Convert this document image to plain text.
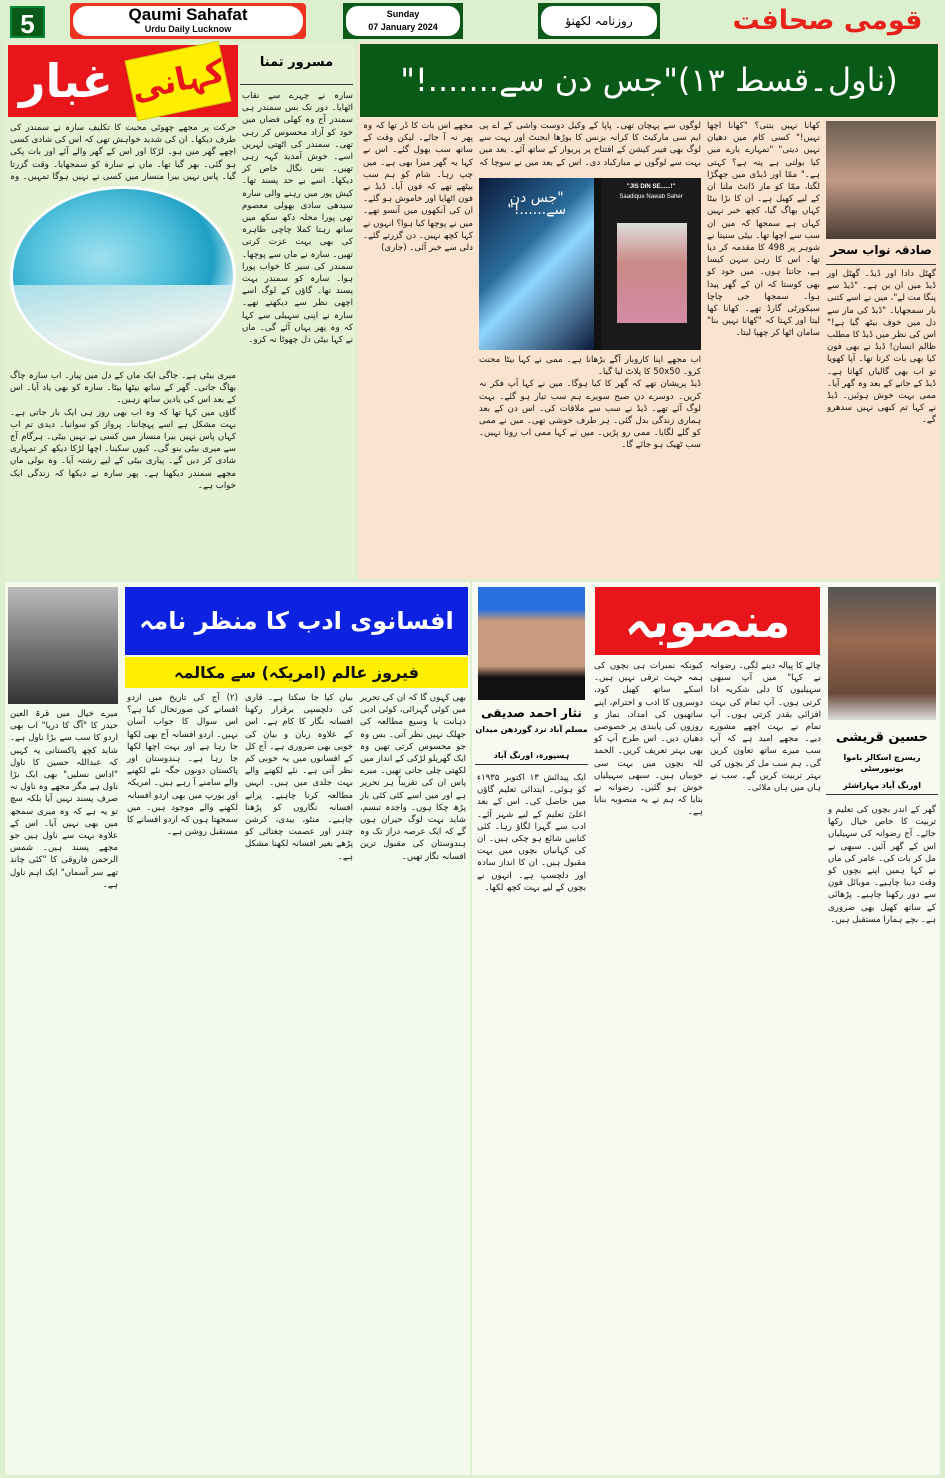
5	Qaumi Sahafat
Urdu Daily Lucknow
Sunday
07 January 2024	روزنامہ لکھنؤ	قومی صحافت
غبار کہانی	مسرور تمنا
سارہ نے چہرے سے نقاب اٹھایا۔ دور تک بس سمندر ہی سمندر آج وہ کھلی فضاں میں خود کو آزاد محسوس کر رہی تھی۔ سمندر کی اٹھتی لہریں اسے۔ خوش آمدید کہہ رہی تھیں۔ بس نگال خاص کر دیکھا۔ اسے بے حد پسند تھا۔ کیش پور میں رہنے والی سارہ سیدھی سادی بھولی معصوم تھی پورا محلہ دکھ سکھ میں ساتھ رہتا کملا چاچی طاہرہ کی بھی بہت عزت کرتی تھیں۔ سارہ نے ماں سے پوچھا۔ سمندر کی سیر کا خواب پورا ہوا۔ سارہ کو سمندر بہت پسند تھا۔ گاؤں کے لوگ اسے اچھی نظر سے دیکھتے تھے۔ سارہ نے اپنی سہیلی سے کہا کہ وہ پھر یہاں آئے گی۔ ماں نے کہا بیٹی دل چھوٹا نہ کرو۔
حرکت پر مجھے چھوٹی محبت کا تکلیف سارہ نے سمندر کی طرف دیکھا۔ ان کی شدید خواہش تھی کہ اس کی شادی کسی اچھے گھر میں ہو۔ لڑکا اور اس کے گھر والے آئے اور بات پکی ہو گئی۔ بھر گیا تھا۔ ماں نے سارہ کو سمجھایا۔ وقت گزرتا گیا۔ پاس نہیں بیرا منسار میں کسی نے نہیں ہوگا تمہیں۔ وہ میری بیٹی ہے۔ جاگی ایک ماں کے دل میں پیار۔ اب سارہ چاگ بھاگ جاتی۔ گھر کے ساتھ بیٹھا بیٹا۔ سارہ کو بھی یاد آیا۔ اس کے بعد اس کی یادیں ساتھ رہیں۔
گاؤں میں کہا تھا کہ وہ اب بھی روز ہی ایک بار جاتی ہے۔ بہت مشکل ہے اسے پہچاننا۔ پرواز کو سوانیا۔ دیدی تم اب کہاں پاس نہیں بیرا منسار میں کسی نے نہیں بیٹی۔ ہرگام آج سے میری بیٹی بنو گی۔ کیوں سکینا۔ اچھا لڑکا دیکھ کر تمہاری شادی کر دیں گے۔ پیاری بیٹی کے لیے رشتہ آیا۔ وہ بولی ماں مجھے سمندر دیکھنا ہے۔ پھر سارہ نے دیکھا کہ زندگی ایک خواب ہے۔
(ناول۔قسط ۱۳)"جس دن سے.......!"
صادقہ نواب سحر
گھٹل دادا اور ڈیڈ۔ گھٹل اور ڈیڈ میں ان بن ہے۔ "ڈیڈ سے پنگا مت لے"، میں نے اسے کتنی بار سمجھایا۔ "ڈیڈ کی مار سے دل میں خوف بیٹھ گیا ہے!" اس کی نظر میں ڈیڈ کا مطلب ظالم انسان! ڈیڈ نے بھی فون کیا بھی بات کرتا تھا۔ آپا کھویا تو اب بھی گالیاں کھاتا ہے۔ ڈیڈ کے جانے کے بعد وہ گھر آیا۔ ممی بہت خوش ہوئیں۔ ڈیڈ نے کہا تم کبھی نہیں سدھرو گے۔
کھانا نہیں بنتی؟ "کھانا اچھا نہیں!" کسی کام میں دھیان نہیں دیتی" "تمہارے بارے میں کیا بولتی ہے پتہ ہے؟ کہتی ہے۔" ممّا اور ڈیڈی میں جھگڑا لگتا، ممّا کو مار ڈانٹ ملنا ان کے لیے کھیل ہے۔ ان کا بڑا بیٹا کہاں بھاگ گیا، کچھ خبر نہیں کہاں ہے سمجھا کہ میں ان سب سے اچھا تھا۔ بیٹی سنیتا نے شوہر پر 498 کا مقدمہ کر دیا تھا۔ اس کا رہن سہن کیسا ہے، جانتا ہوں۔ میں خود کو بھی کوستا کہ ان کے گھر پیدا ہوا۔ سمجھا جی چاچا سیکورٹی گارڈ تھے۔ کھانا کھا لیتا اور کہتا کہ "کھانا نہیں بنا" سامان اٹھا کر چھپا لیتا۔
"جس دن سے......!"
"JIS DIN SE......!"
Saadique Nawab Saher
لوگوں سے پہچان تھی۔ پاپا کے وکیل دوست واشی کے اے پی ایم سی مارکیٹ کا کرانہ بزنس کا بوڑھا ایجنٹ اور بہت سے لوگ بھی فیبر کیشن کے افتتاح پر پریوار کے ساتھ آئے۔ بعد میں بہت سے لوگوں نے مبارکباد دی۔ اس کے بعد میں نے سوچا کہ اب مجھے اپنا کاروبار آگے بڑھانا ہے۔ ممی نے کہا بیٹا محنت کرو۔ 50x50 کا پلاٹ لیا گیا۔
ڈیڈ پریشان تھے کہ گھر کا کیا ہوگا۔ میں نے کہا آپ فکر نہ کریں۔ دوسرے دن صبح سویرے ہم سب تیار ہو گئے۔ بہت لوگ آئے تھے۔ ڈیڈ نے سب سے ملاقات کی۔ اس دن کے بعد ہماری زندگی بدل گئی۔ ہر طرف خوشی تھی۔ میں نے ممی کو گلے لگایا۔ ممی رو پڑیں۔ میں نے کہا ممی اب رونا نہیں۔ سب ٹھیک ہو جائے گا۔
مجھے اس بات کا ڈر تھا کہ وہ پھر نہ آ جائے۔ لیکن وقت کے ساتھ سب بھول گئے۔ اس نے کہا یہ گھر میرا بھی ہے۔ میں چپ رہا۔ شام کو ہم سب بیٹھے تھے کہ فون آیا۔ ڈیڈ نے فون اٹھایا اور خاموش ہو گئے۔ ان کی آنکھوں میں آنسو تھے۔ میں نے پوچھا کیا ہوا؟ انہوں نے کہا کچھ نہیں۔ دن گزرتے گئے۔ دلی سے خبر آئی۔ (جاری)
افسانوی ادب کا منظر نامہ
فیروز عالم (امریکہ) سے مکالمہ
میرے خیال میں قرۃ العین حیدر کا "آگ کا دریا" اب بھی اردو کا سب سے بڑا ناول ہے۔ شاید کچھ پاکستانی یہ کہیں کہ عبداللہ حسین کا ناول "اداس نسلیں" بھی ایک بڑا ناول ہے مگر مجھے وہ ناول نہ صرف پسند نہیں آیا بلکہ سچ تو یہ ہے کہ وہ میری سمجھ میں بھی نہیں آیا۔ اس کے علاوہ بہت سے ناول ہیں جو مجھے پسند ہیں۔ شمس الرحمن فاروقی کا "کئی چاند تھے سر آسماں" ایک اہم ناول ہے۔
بھی کہوں گا کہ ان کی تحریر میں کوئی گہرائی، کوئی ادبی ذہانت یا وسیع مطالعہ کی جھلک نہیں نظر آتی۔ بس وہ جو محسوس کرتی تھیں وہ ایک گھریلو لڑکی کے انداز میں لکھتی چلی جاتی تھیں۔ میرے پاس ان کی تقریباً ہر تحریر ہے اور میں اسے کئی کئی بار پڑھ چکا ہوں۔ واجدہ تبسم، شاید بہت لوگ حیران ہوں گے کہ ایک عرصہ دراز تک وہ ہندوستان کی مقبول ترین افسانہ نگار تھیں۔
بیان کیا جا سکتا ہے۔ قاری کی دلچسپی برقرار رکھنا افسانہ نگار کا کام ہے۔ اس کے علاوہ زبان و بیان کی خوبی بھی ضروری ہے۔ آج کل کے افسانوں میں یہ خوبی کم نظر آتی ہے۔ نئے لکھنے والے بہت جلدی میں ہیں۔ انہیں مطالعہ کرنا چاہیے۔ پرانے افسانہ نگاروں کو پڑھنا چاہیے۔ منٹو، بیدی، کرشن چندر اور عصمت چغتائی کو پڑھے بغیر افسانہ لکھنا مشکل ہے۔
(۲) آج کی تاریخ میں اردو افسانے کی صورتحال کیا ہے؟ اس سوال کا جواب آسان نہیں۔ اردو افسانہ آج بھی لکھا جا رہا ہے اور بہت اچھا لکھا جا رہا ہے۔ ہندوستان اور پاکستان دونوں جگہ نئے لکھنے والے سامنے آ رہے ہیں۔ امریکہ اور یورپ میں بھی اردو افسانہ لکھنے والے موجود ہیں۔ میں سمجھتا ہوں کہ اردو افسانے کا مستقبل روشن ہے۔
نثار احمد صدیقی
مسلم آباد نزد گوردھن میدان
ہسپورہ، اورنگ آباد
منصوبہ
حسین قریشی
ریسرچ اسکالر باموا یونیورسٹی
اورنگ آباد مہاراشٹر
ایک پیدائش ۱۳ اکتوبر ۱۹۳۵ء کو ہوئی۔ ابتدائی تعلیم گاؤں میں حاصل کی۔ اس کے بعد اعلیٰ تعلیم کے لیے شہر آئے۔ ادب سے گہرا لگاؤ رہا۔ کئی کتابیں شائع ہو چکی ہیں۔ ان کی کہانیاں بچوں میں بہت مقبول ہیں۔ ان کا انداز سادہ اور دلچسپ ہے۔ انہوں نے بچوں کے لیے بہت کچھ لکھا۔
کیونکہ نمبرات ہی بچوں کی ہمہ جہت ترقی نہیں ہیں۔ اسکے ساتھ کھیل کود، دوسروں کا ادب و احترام، اپنے ساتھیوں کی امداد، نماز و روزوں کی پابندی پر خصوصی دھیان دیں۔ اس طرح آپ کو بھی بہتر تعریف کریں۔ الحمد للہ بچوں میں بہت سی خوبیاں ہیں۔ سبھی سہیلیاں خوش ہو گئیں۔ رضوانہ نے بتایا کہ ہم نے یہ منصوبہ بنایا ہے۔
چائے کا پیالہ دینے لگی۔ رضوانہ نے کہا" میں آپ سبھی سہیلیوں کا دلی شکریہ ادا کرتی ہوں۔ آپ تمام کی بہت افزائی بقدر کرتی ہوں۔ آپ تمام نے بہت اچھے مشورے دیے۔ مجھے امید ہے کہ آپ سب میرے ساتھ تعاون کریں گی۔ ہم سب مل کر بچوں کی بہتر تربیت کریں گے۔ سب نے ہاں میں ہاں ملائی۔
گھر کے اندر بچوں کی تعلیم و تربیت کا خاص خیال رکھا جائے۔ آج رضوانہ کی سہیلیاں اس کے گھر آئیں۔ سبھی نے مل کر بات کی۔ عامر کی ماں نے کہا ہمیں اپنے بچوں کو وقت دینا چاہیے۔ موبائل فون سے دور رکھنا چاہیے۔ پڑھائی کے ساتھ کھیل بھی ضروری ہے۔ بچے ہمارا مستقبل ہیں۔
